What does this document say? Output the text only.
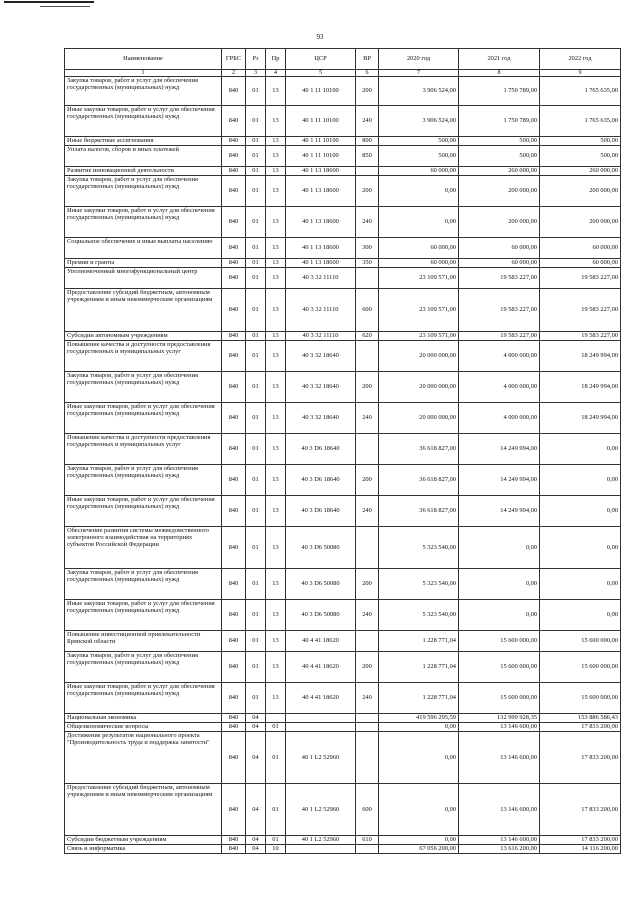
93
Наименование	ГРБС	Рз	Пр	ЦСР	ВР	2020 год	2021 год	2022 год
1	2	3	4	5	6	7	8	9
Закупка товаров, работ и услуг для обеспечения государственных (муниципальных) нужд	840	01	13	40 1 11 10100	200	3 906 524,00	1 750 789,00	1 765 635,00
Иные закупки товаров, работ и услуг для обеспечения государственных (муниципальных) нужд	840	01	13	40 1 11 10100	240	3 906 524,00	1 750 789,00	1 765 635,00
Иные бюджетные ассигнования	840	01	13	40 1 11 10100	800	500,00	500,00	500,00
Уплата налогов, сборов и иных платежей	840	01	13	40 1 11 10100	850	500,00	500,00	500,00
Развитие инновационной деятельности	840	01	13	40 1 13 18600		60 000,00	260 000,00	260 000,00
Закупка товаров, работ и услуг для обеспечения государственных (муниципальных) нужд	840	01	13	40 1 13 18600	200	0,00	200 000,00	200 000,00
Иные закупки товаров, работ и услуг для обеспечения государственных (муниципальных) нужд	840	01	13	40 1 13 18600	240	0,00	200 000,00	200 000,00
Социальное обеспечение и иные выплаты населению	840	01	13	40 1 13 18600	300	60 000,00	60 000,00	60 000,00
Премии и гранты	840	01	13	40 1 13 18600	350	60 000,00	60 000,00	60 000,00
Уполномоченный многофункциональный центр	840	01	13	40 3 32 11110		23 109 571,00	19 583 227,00	19 583 227,00
Предоставление субсидий бюджетным, автономным учреждениям и иным некоммерческим организациям	840	01	13	40 3 32 11110	600	23 109 571,00	19 583 227,00	19 583 227,00
Субсидии автономным учреждениям	840	01	13	40 3 32 11110	620	23 109 571,00	19 583 227,00	19 583 227,00
Повышение качества и доступности предоставления государственных и муниципальных услуг	840	01	13	40 3 32 18640		20 000 000,00	4 000 000,00	18 249 994,00
Закупка товаров, работ и услуг для обеспечения государственных (муниципальных) нужд	840	01	13	40 3 32 18640	200	20 000 000,00	4 000 000,00	18 249 994,00
Иные закупки товаров, работ и услуг для обеспечения государственных (муниципальных) нужд	840	01	13	40 3 32 18640	240	20 000 000,00	4 000 000,00	18 249 994,00
Повышение качества и доступности предоставления государственных и муниципальных услуг	840	01	13	40 3 D6 18640		36 618 827,00	14 249 994,00	0,00
Закупка товаров, работ и услуг для обеспечения государственных (муниципальных) нужд	840	01	13	40 3 D6 18640	200	36 618 827,00	14 249 994,00	0,00
Иные закупки товаров, работ и услуг для обеспечения государственных (муниципальных) нужд	840	01	13	40 3 D6 18640	240	36 618 827,00	14 249 994,00	0,00
Обеспечение развития системы межведомственного электронного взаимодействия на территориях субъектов Российской Федерации	840	01	13	40 3 D6 50080		5 323 540,00	0,00	0,00
Закупка товаров, работ и услуг для обеспечения государственных (муниципальных) нужд	840	01	13	40 3 D6 50080	200	5 323 540,00	0,00	0,00
Иные закупки товаров, работ и услуг для обеспечения государственных (муниципальных) нужд	840	01	13	40 3 D6 50080	240	5 323 540,00	0,00	0,00
Повышение инвестиционной привлекательности Брянской области	840	01	13	40 4 41 18620		1 228 771,04	15 600 000,00	15 600 000,00
Закупка товаров, работ и услуг для обеспечения государственных (муниципальных) нужд	840	01	13	40 4 41 18620	200	1 228 771,04	15 600 000,00	15 600 000,00
Иные закупки товаров, работ и услуг для обеспечения государственных (муниципальных) нужд	840	01	13	40 4 41 18620	240	1 228 771,04	15 600 000,00	15 600 000,00
Национальная экономика	840	04				419 596 295,59	132 999 928,35	153 886 586,43
Общеэкономические вопросы	840	04	01			0,00	13 146 600,00	17 833 200,00
Достижение результатов национального проекта "Производительность труда и поддержка занятости"	840	04	01	40 1 L2 52960		0,00	13 146 600,00	17 833 200,00
Предоставление субсидий бюджетным, автономным учреждениям и иным некоммерческим организациям	840	04	01	40 1 L2 52960	600	0,00	13 146 600,00	17 833 200,00
Субсидии бюджетным учреждениям	840	04	01	40 1 L2 52960	610	0,00	13 146 600,00	17 833 200,00
Связь и информатика	840	04	10			67 056 200,00	13 616 200,00	14 116 200,00
